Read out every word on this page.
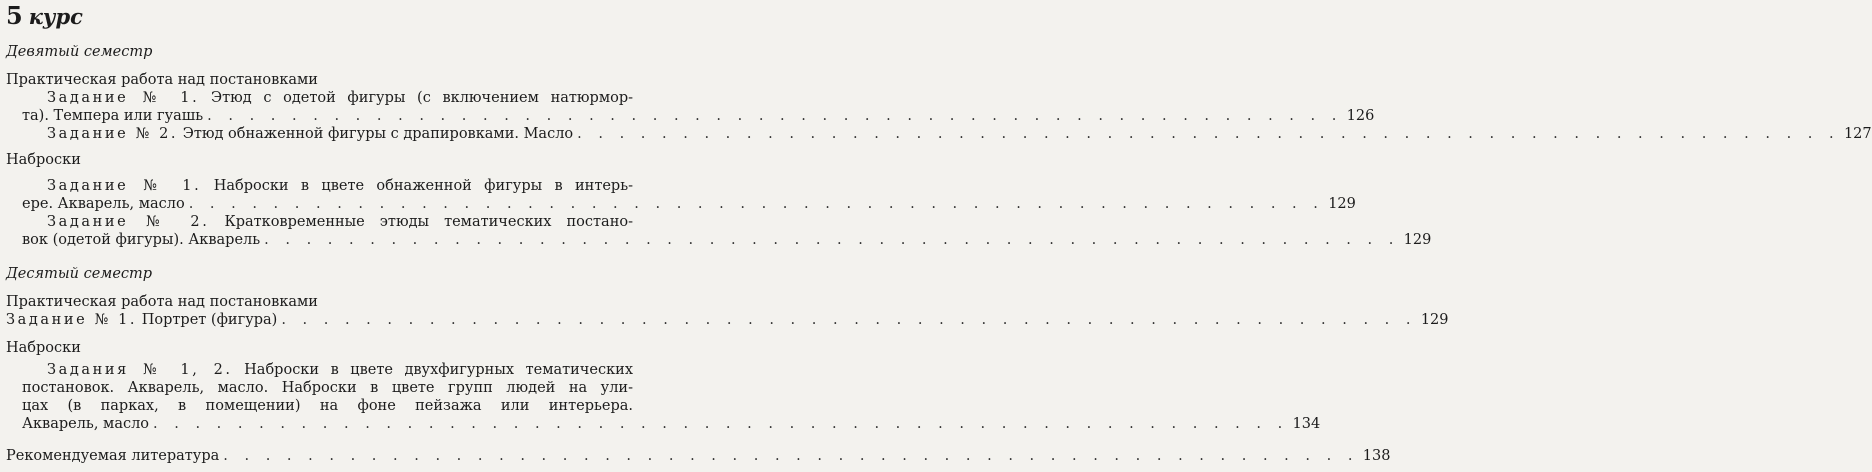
5 курс
Девятый семестр
Практическая работа над постановками
Задание № 1. Этюд с одетой фигуры (с включением натюрмор-
та). Темпера или гуашь . . . . . . . . . . . . . . . . . . . . . . . . . . . . . . . . . . . . . . . . . . . . . . . . . . . . . . 126
Задание № 2. Этюд обнаженной фигуры с драпировками. Масло . . . . . . . . . . . . . . . . . . . . . . . . . . . . . . . . . . . . . . . . . . . . . . . . . . . . . . . . . . . . 127
Наброски
Задание № 1. Наброски в цвете обнаженной фигуры в интерь-
ере. Акварель, масло . . . . . . . . . . . . . . . . . . . . . . . . . . . . . . . . . . . . . . . . . . . . . . . . . . . . . . 129
Задание № 2. Кратковременные этюды тематических постано-
вок (одетой фигуры). Акварель . . . . . . . . . . . . . . . . . . . . . . . . . . . . . . . . . . . . . . . . . . . . . . . . . . . . . . 129
Десятый семестр
Практическая работа над постановками
Задание № 1. Портрет (фигура) . . . . . . . . . . . . . . . . . . . . . . . . . . . . . . . . . . . . . . . . . . . . . . . . . . . . . . 129
Наброски
Задания № 1, 2. Наброски в цвете двухфигурных тематических
постановок. Акварель, масло. Наброски в цвете групп людей на ули-
цах (в парках, в помещении) на фоне пейзажа или интерьера.
Акварель, масло . . . . . . . . . . . . . . . . . . . . . . . . . . . . . . . . . . . . . . . . . . . . . . . . . . . . . . 134
Рекомендуемая литература . . . . . . . . . . . . . . . . . . . . . . . . . . . . . . . . . . . . . . . . . . . . . . . . . . . . . . 138
